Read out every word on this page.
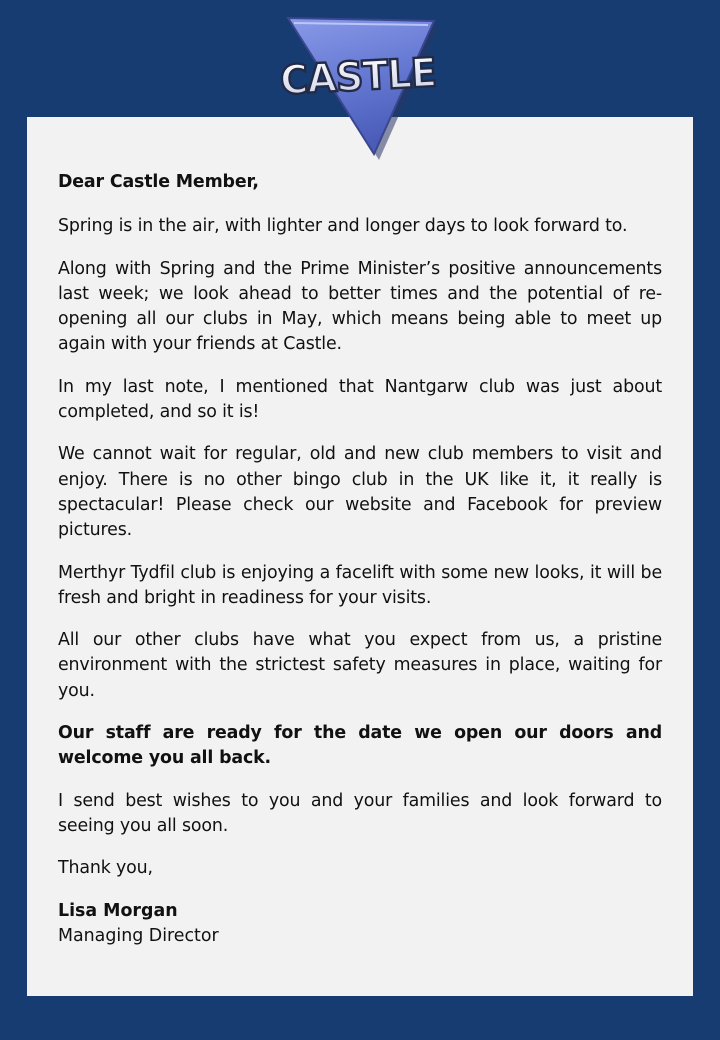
Dear Castle Member,

Spring is in the air, with lighter and longer days to look forward to.

Along with Spring and the Prime Minister’s positive announcements last week; we look ahead to better times and the potential of re-opening all our clubs in May, which means being able to meet up again with your friends at Castle.

In my last note, I mentioned that Nantgarw club was just about completed, and so it is!

We cannot wait for regular, old and new club members to visit and enjoy. There is no other bingo club in the UK like it, it really is spectacular! Please check our website and Facebook for preview pictures.

Merthyr Tydfil club is enjoying a facelift with some new looks, it will be fresh and bright in readiness for your visits.

All our other clubs have what you expect from us, a pristine environment with the strictest safety measures in place, waiting for you.

Our staff are ready for the date we open our doors and welcome you all back.

I send best wishes to you and your families and look forward to seeing you all soon.

Thank you,

Lisa Morgan

Managing Director

CASTLE
